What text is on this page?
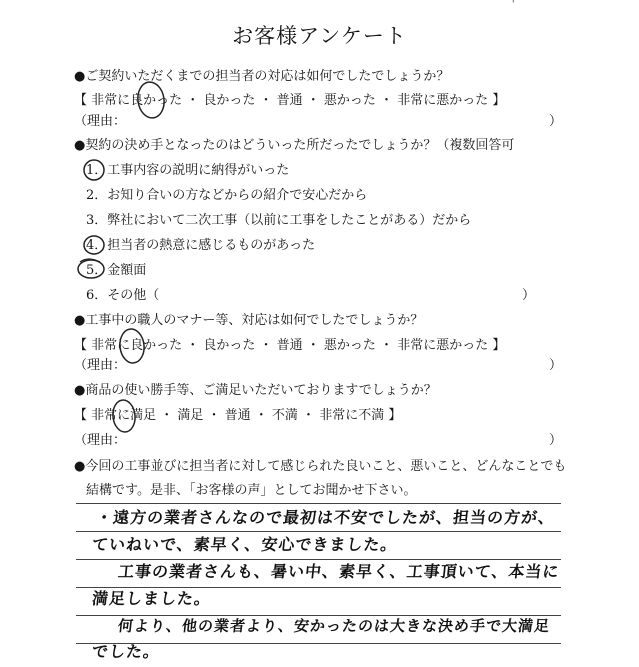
'
お客様アンケート
●ご契約いただくまでの担当者の対応は如何でしたでしょうか？
【 非常に良かった ・ 良かった ・ 普通 ・ 悪かった ・ 非常に悪かった 】
（理由：	）
●契約の決め手となったのはどういった所だったでしょうか？（複数回答可
1．工事内容の説明に納得がいった
2．お知り合いの方などからの紹介で安心だから
3．弊社において二次工事（以前に工事をしたことがある）だから
4．担当者の熱意に感じるものがあった
5．金額面
6．その他（	）
●工事中の職人のマナー等、対応は如何でしたでしょうか？
【 非常に良かった ・ 良かった ・ 普通 ・ 悪かった ・ 非常に悪かった 】
（理由：	）
●商品の使い勝手等、ご満足いただいておりますでしょうか？
【 非常に満足 ・ 満足 ・ 普通 ・ 不満 ・ 非常に不満 】
（理由：	）
●今回の工事並びに担当者に対して感じられた良いこと、悪いこと、どんなことでも
結構です。是非、「お客様の声」としてお聞かせ下さい。
・遠方の業者さんなので最初は不安でしたが、担当の方が、
ていねいで、素早く、安心できました。
工事の業者さんも、暑い中、素早く、工事頂いて、本当に
満足しました。
何より、他の業者より、安かったのは大きな決め手で大満足
でした。
